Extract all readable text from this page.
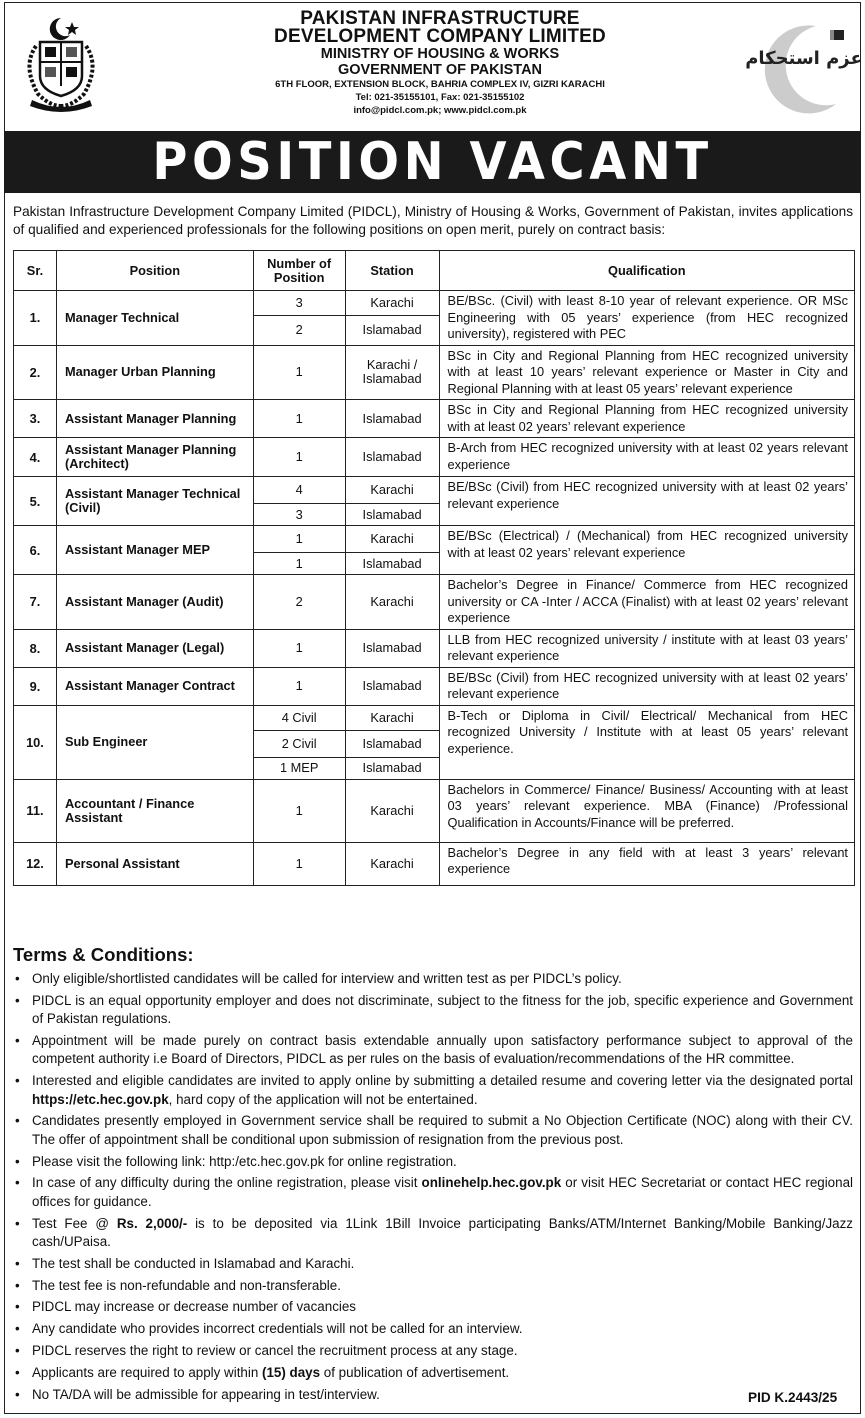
PAKISTAN INFRASTRUCTURE
DEVELOPMENT COMPANY LIMITED
MINISTRY OF HOUSING & WORKS
GOVERNMENT OF PAKISTAN
6TH FLOOR, EXTENSION BLOCK, BAHRIA COMPLEX IV, GIZRI KARACHI
Tel: 021-35155101, Fax: 021-35155102
info@pidcl.com.pk; www.pidcl.com.pk
عزم استحکام
POSITION VACANT

Pakistan Infrastructure Development Company Limited (PIDCL), Ministry of Housing & Works, Government of Pakistan, invites applications of qualified and experienced professionals for the following positions on open merit, purely on contract basis:

Sr.	Position	Number of Position	Station	Qualification
1.	Manager Technical	3	Karachi	BE/BSc. (Civil) with least 8-10 year of relevant experience. OR MSc Engineering with 05 years’ experience (from HEC recognized university), registered with PEC
		2	Islamabad	
2.	Manager Urban Planning	1	Karachi / Islamabad	BSc in City and Regional Planning from HEC recognized university with at least 10 years’ relevant experience or Master in City and Regional Planning with at least 05 years’ relevant experience
3.	Assistant Manager Planning	1	Islamabad	BSc in City and Regional Planning from HEC recognized university with at least 02 years’ relevant experience
4.	Assistant Manager Planning (Architect)	1	Islamabad	B-Arch from HEC recognized university with at least 02 years relevant experience
5.	Assistant Manager Technical (Civil)	4	Karachi	BE/BSc (Civil) from HEC recognized university with at least 02 years’ relevant experience
		3	Islamabad	
6.	Assistant Manager MEP	1	Karachi	BE/BSc (Electrical) / (Mechanical) from HEC recognized university with at least 02 years’ relevant experience
		1	Islamabad	
7.	Assistant Manager (Audit)	2	Karachi	Bachelor’s Degree in Finance/ Commerce from HEC recognized university or CA -Inter / ACCA (Finalist) with at least 02 years’ relevant experience
8.	Assistant Manager (Legal)	1	Islamabad	LLB from HEC recognized university / institute with at least 03 years’ relevant experience
9.	Assistant Manager Contract	1	Islamabad	BE/BSc (Civil) from HEC recognized university with at least 02 years’ relevant experience
10.	Sub Engineer	4 Civil	Karachi	B-Tech or Diploma in Civil/ Electrical/ Mechanical from HEC recognized University / Institute with at least 05 years’ relevant experience.
		2 Civil	Islamabad	
		1 MEP	Islamabad	
11.	Accountant / Finance Assistant	1	Karachi	Bachelors in Commerce/ Finance/ Business/ Accounting with at least 03 years’ relevant experience. MBA (Finance) /Professional Qualification in Accounts/Finance will be preferred.
12.	Personal Assistant	1	Karachi	Bachelor’s Degree in any field with at least 3 years’ relevant experience
Terms & Conditions:
• Only eligible/shortlisted candidates will be called for interview and written test as per PIDCL’s policy.
• PIDCL is an equal opportunity employer and does not discriminate, subject to the fitness for the job, specific experience and Government of Pakistan regulations.
• Appointment will be made purely on contract basis extendable annually upon satisfactory performance subject to approval of the competent authority i.e Board of Directors, PIDCL as per rules on the basis of evaluation/recommendations of the HR committee.
• Interested and eligible candidates are invited to apply online by submitting a detailed resume and covering letter via the designated portal https://etc.hec.gov.pk, hard copy of the application will not be entertained.
• Candidates presently employed in Government service shall be required to submit a No Objection Certificate (NOC) along with their CV. The offer of appointment shall be conditional upon submission of resignation from the previous post.
• Please visit the following link: http:/etc.hec.gov.pk for online registration.
• In case of any difficulty during the online registration, please visit onlinehelp.hec.gov.pk or visit HEC Secretariat or contact HEC regional offices for guidance.
• Test Fee @ Rs. 2,000/- is to be deposited via 1Link 1Bill Invoice participating Banks/ATM/Internet Banking/Mobile Banking/Jazz cash/UPaisa.
• The test shall be conducted in Islamabad and Karachi.
• The test fee is non-refundable and non-transferable.
• PIDCL may increase or decrease number of vacancies
• Any candidate who provides incorrect credentials will not be called for an interview.
• PIDCL reserves the right to review or cancel the recruitment process at any stage.
• Applicants are required to apply within (15) days of publication of advertisement.
• No TA/DA will be admissible for appearing in test/interview.	PID K.2443/25
